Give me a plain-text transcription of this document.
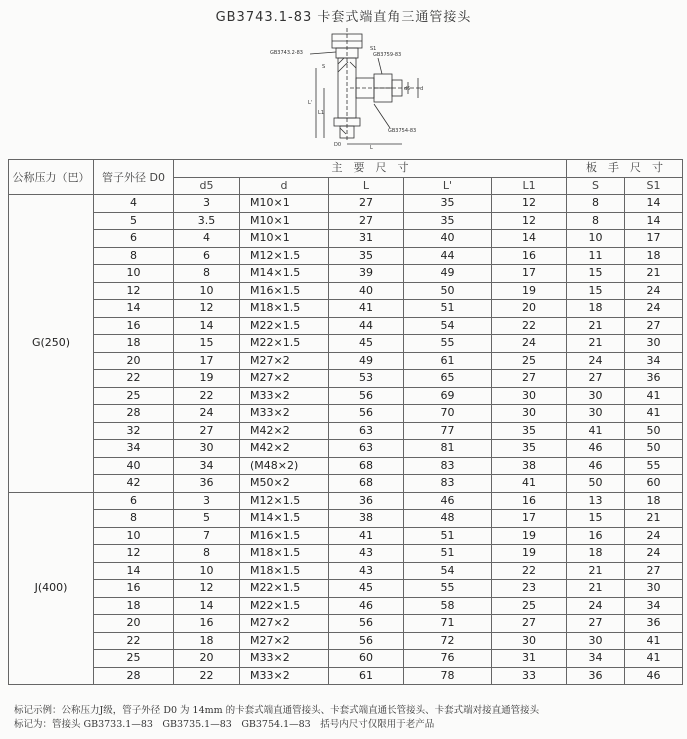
GB3743.1-83 卡套式端直角三通管接头
GB3743.2-83	GB3759-83
GB3754-83
S
S1
d5 d
L1
L
L'
D0
公称压力（巴）	管子外径 D0	主　要　尺　寸					板　手　尺　寸	
		d5	d	L	L'	L1	S	S1
G(250)	4	3	M10×1	27	35	12	8	14
	5	3.5	M10×1	27	35	12	8	14
	6	4	M10×1	31	40	14	10	17
	8	6	M12×1.5	35	44	16	11	18
	10	8	M14×1.5	39	49	17	15	21
	12	10	M16×1.5	40	50	19	15	24
	14	12	M18×1.5	41	51	20	18	24
	16	14	M22×1.5	44	54	22	21	27
	18	15	M22×1.5	45	55	24	21	30
	20	17	M27×2	49	61	25	24	34
	22	19	M27×2	53	65	27	27	36
	25	22	M33×2	56	69	30	30	41
	28	24	M33×2	56	70	30	30	41
	32	27	M42×2	63	77	35	41	50
	34	30	M42×2	63	81	35	46	50
	40	34	(M48×2)	68	83	38	46	55
	42	36	M50×2	68	83	41	50	60
J(400)	6	3	M12×1.5	36	46	16	13	18
	8	5	M14×1.5	38	48	17	15	21
	10	7	M16×1.5	41	51	19	16	24
	12	8	M18×1.5	43	51	19	18	24
	14	10	M18×1.5	43	54	22	21	27
	16	12	M22×1.5	45	55	23	21	30
	18	14	M22×1.5	46	58	25	24	34
	20	16	M27×2	56	71	27	27	36
	22	18	M27×2	56	72	30	30	41
	25	20	M33×2	60	76	31	34	41
	28	22	M33×2	61	78	33	36	46
标记示例：公称压力J级，管子外径 D0 为 14mm 的卡套式端直通管接头、卡套式端直通长管接头、卡套式端对接直通管接头
标记为：管接头 GB3733.1—83　GB3735.1—83　GB3754.1—83　括号内尺寸仅限用于老产品
